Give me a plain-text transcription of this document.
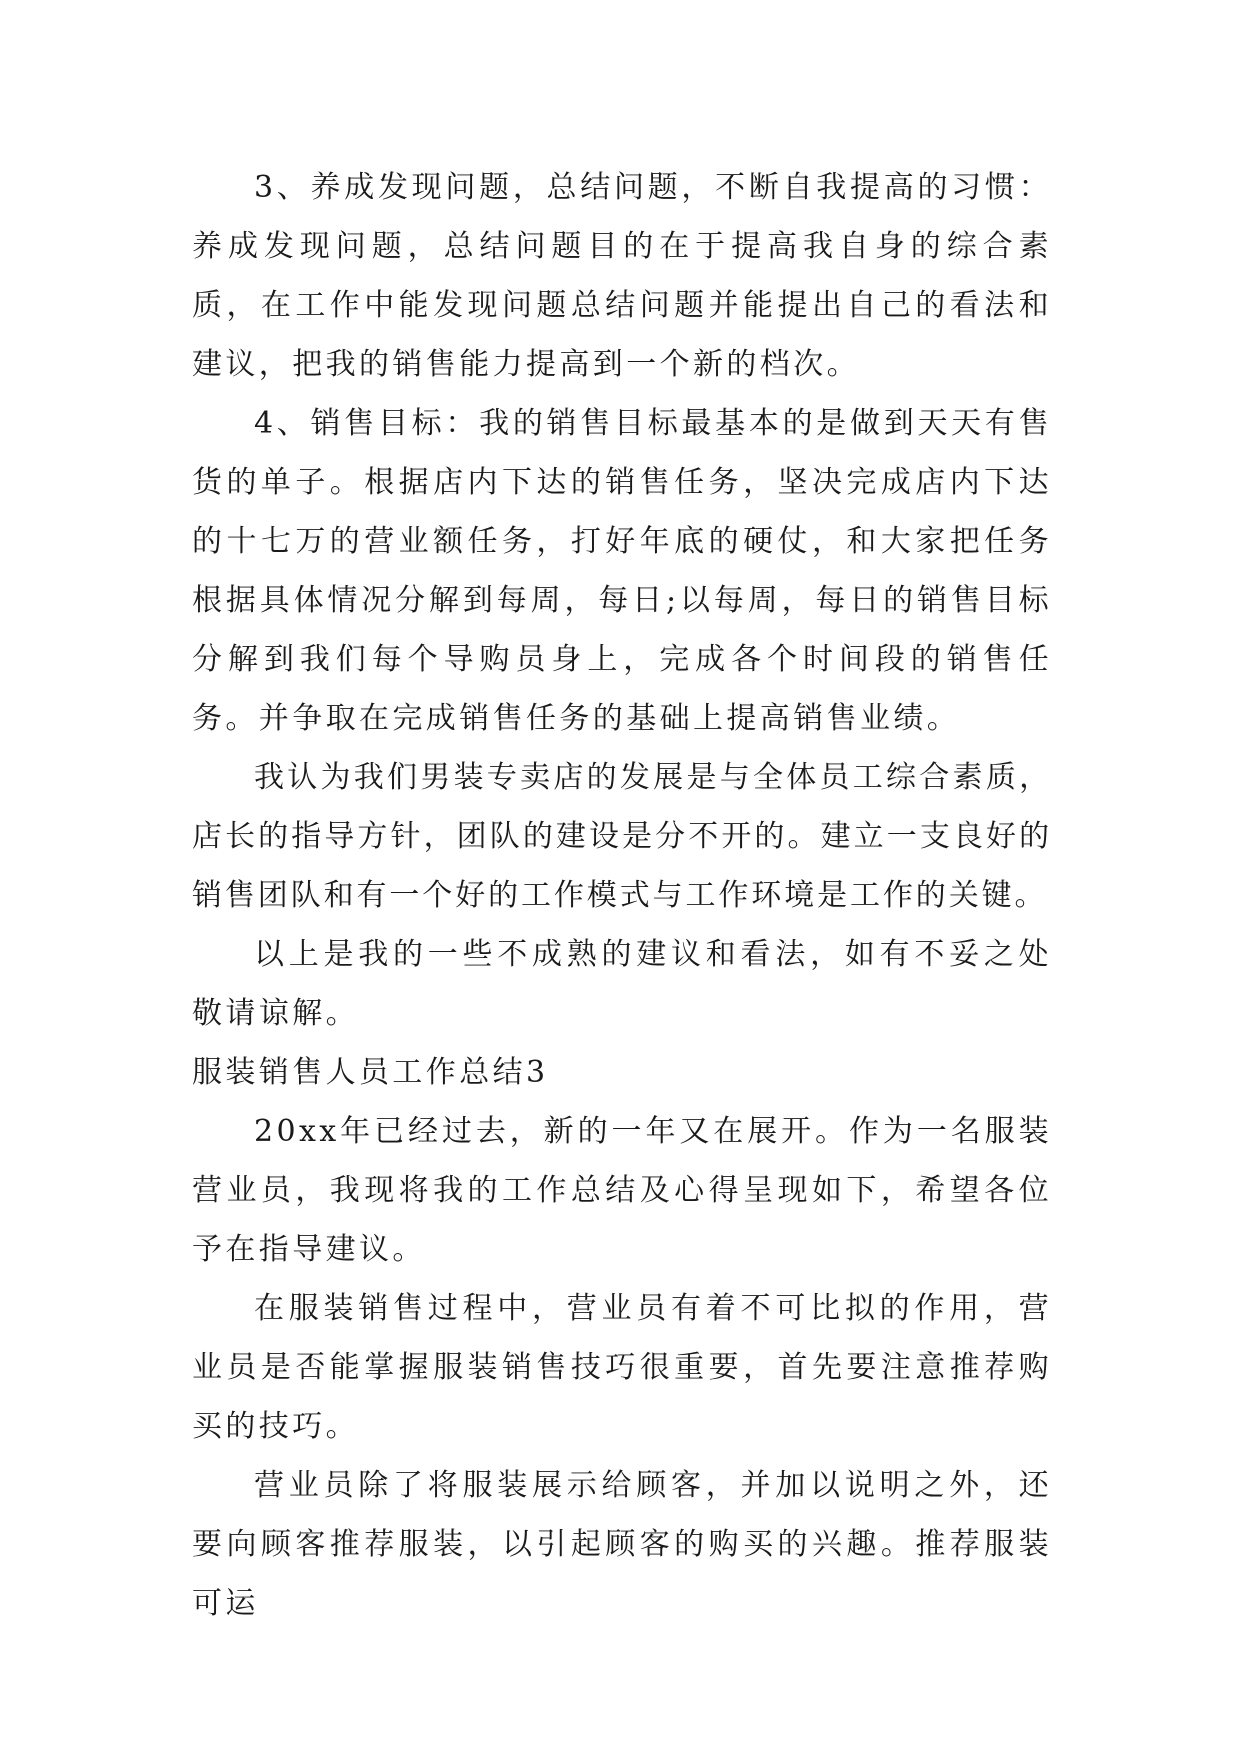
3、养成发现问题，总结问题，不断自我提高的习惯：养成发现问题，总结问题目的在于提高我自身的综合素质，在工作中能发现问题总结问题并能提出自己的看法和建议，把我的销售能力提高到一个新的档次。

4、销售目标：我的销售目标最基本的是做到天天有售货的单子。根据店内下达的销售任务，坚决完成店内下达的十七万的营业额任务，打好年底的硬仗，和大家把任务根据具体情况分解到每周，每日;以每周，每日的销售目标分解到我们每个导购员身上，完成各个时间段的销售任务。并争取在完成销售任务的基础上提高销售业绩。

我认为我们男装专卖店的发展是与全体员工综合素质，店长的指导方针，团队的建设是分不开的。建立一支良好的销售团队和有一个好的工作模式与工作环境是工作的关键。

以上是我的一些不成熟的建议和看法，如有不妥之处敬请谅解。

服装销售人员工作总结3

20xx年已经过去，新的一年又在展开。作为一名服装营业员，我现将我的工作总结及心得呈现如下，希望各位予在指导建议。

在服装销售过程中，营业员有着不可比拟的作用，营业员是否能掌握服装销售技巧很重要，首先要注意推荐购买的技巧。

营业员除了将服装展示给顾客，并加以说明之外，还要向顾客推荐服装，以引起顾客的购买的兴趣。推荐服装可运
